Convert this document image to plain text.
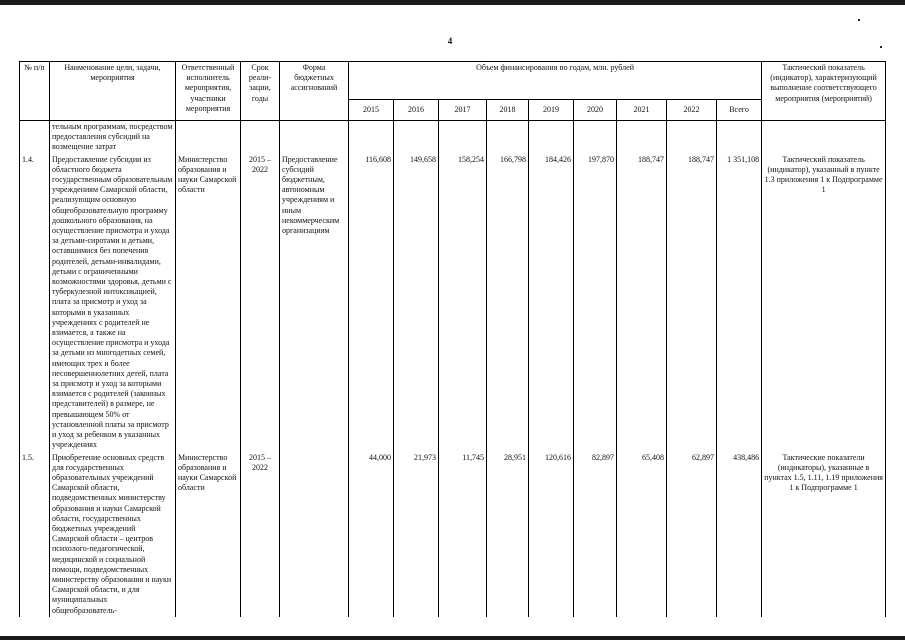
4
№ п/п	Наименование цели, задачи, мероприятия	Ответственный исполнитель мероприятия, участники мероприятия	Срок реали-зации, годы	Форма бюджетных ассигнований	Объем финансирования по годам, млн. рублей									Тактический показатель (индикатор), характеризующий выполнение соответствующего мероприятия (мероприятий)
					2015	2016	2017	2018	2019	2020	2021	2022	Всего	
	тельным программам, посредством предоставления субсидий на возмещение затрат													
1.4.	Предоставление субсидии из областного бюджета государственным образовательным учреждениям Самарской области, реализующим основную общеобразовательную программу дошкольного образования, на осуществление присмотра и ухода за детьми-сиротами и детьми, оставшимися без попечения родителей, детьми-инвалидами, детьми с ограниченными возможностями здоровья, детьми с туберкулезной интоксикацией, плата за присмотр и уход за которыми в указанных учреждениях с родителей не взимается, а также на осуществление присмотра и ухода за детьми из многодетных семей, имеющих трех и более несовершеннолетних детей, плата за присмотр и уход за которыми взимается с родителей (законных представителей) в размере, не превышающем 50% от установленной платы за присмотр и уход за ребенком в указанных учреждениях	Министерство образования и науки Самарской области	2015 – 2022	Предоставление субсидий бюджетным, автономным учреждениям и иным некоммерческим организациям	116,608	149,658	158,254	166,798	184,426	197,870	188,747	188,747	1 351,108	Тактический показатель (индикатор), указанный в пункте 1.3 приложения 1 к Подпрограмме 1
1.5.	Приобретение основных средств для государственных образовательных учреждений Самарской области, подведомственных министерству образования и науки Самарской области, государственных бюджетных учреждений Самарской области – центров психолого-педагогической, медицинской и социальной помощи, подведомственных министерству образования и науки Самарской области, и для муниципальных общеобразователь-	Министерство образования и науки Самарской области	2015 – 2022		44,000	21,973	11,745	28,951	120,616	82,897	65,408	62,897	438,486	Тактические показатели (индикаторы), указанные в пунктах 1.5, 1.11, 1.19 приложения 1 к Подпрограмме 1
